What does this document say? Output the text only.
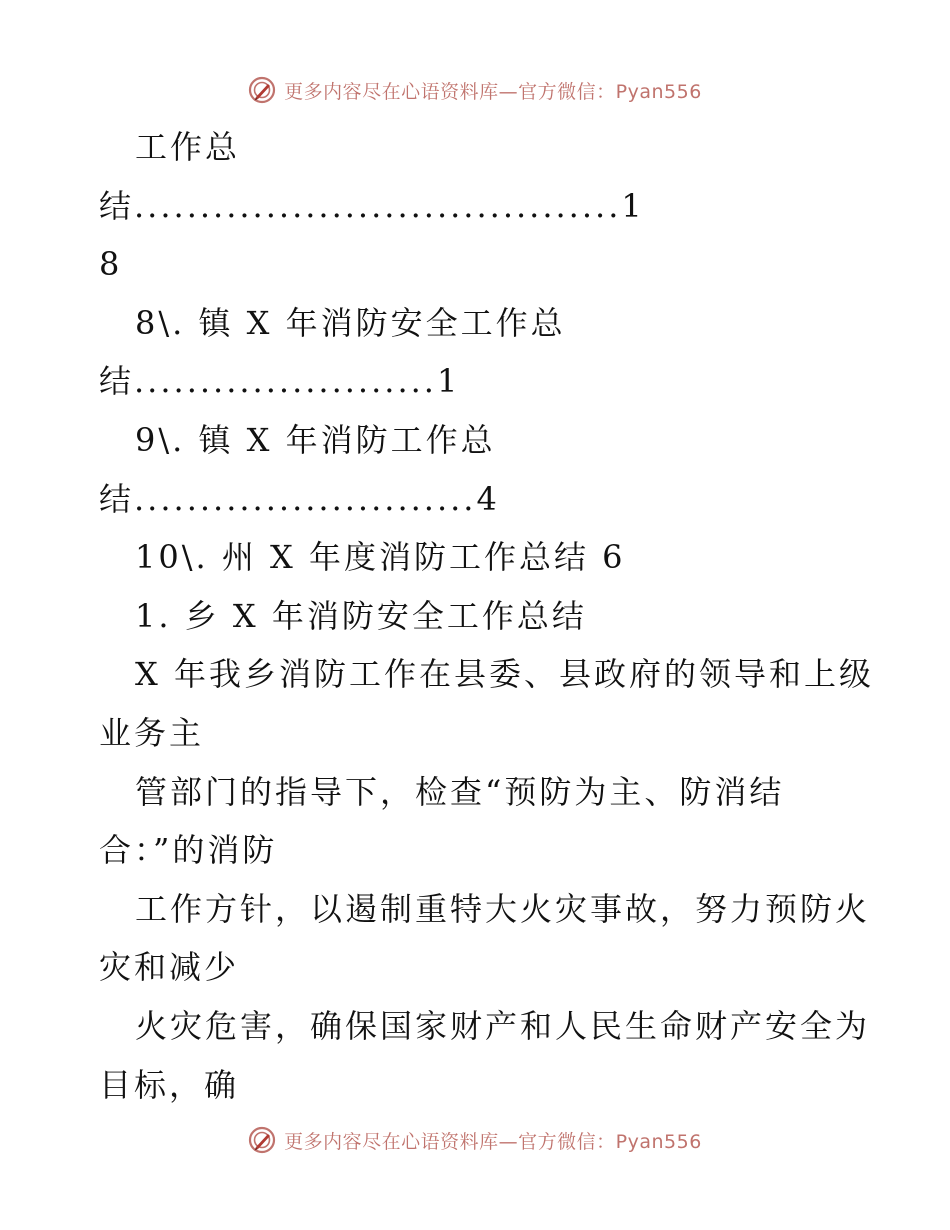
更多内容尽在心语资料库—官方微信：Pyan556
工作总
结.....................................1
8
8\. 镇 X 年消防安全工作总
结.......................1
9\. 镇 X 年消防工作总
结..........................4
10\. 州 X 年度消防工作总结 6
1. 乡 X 年消防安全工作总结
X 年我乡消防工作在县委、县政府的领导和上级
业务主
管部门的指导下，检查“预防为主、防消结
合：”的消防
工作方针，以遏制重特大火灾事故，努力预防火
灾和减少
火灾危害，确保国家财产和人民生命财产安全为
目标，确
更多内容尽在心语资料库—官方微信：Pyan556
